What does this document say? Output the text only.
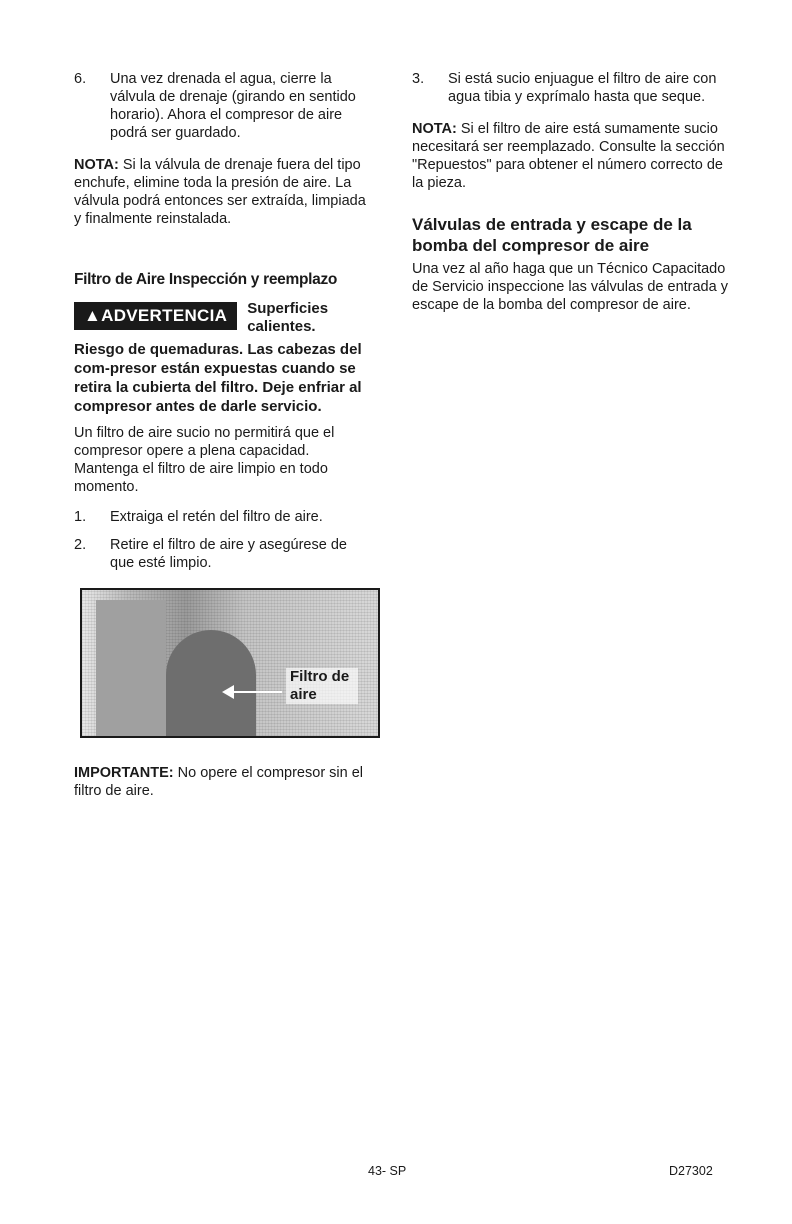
6. Una vez drenada el agua, cierre la válvula de drenaje (girando en sentido horario). Ahora el compresor de aire podrá ser guardado.

NOTA: Si la válvula de drenaje fuera del tipo enchufe, elimine toda la presión de aire. La válvula podrá entonces ser extraída, limpiada y finalmente reinstalada.

Filtro de Aire Inspección y reemplazo
▲ADVERTENCIA	Superficies calientes.
Riesgo de quemaduras. Las cabezas del com-presor están expuestas cuando se retira la cubierta del filtro. Deje enfriar al compresor antes de darle servicio.

Un filtro de aire sucio no permitirá que el compresor opere a plena capacidad. Mantenga el filtro de aire limpio en todo momento.

1. Extraiga el retén del filtro de aire.
2. Retire el filtro de aire y asegúrese de que esté limpio.
Filtro de aire

IMPORTANTE: No opere el compresor sin el filtro de aire.

3. Si está sucio enjuague el filtro de aire con agua tibia y exprímalo hasta que seque.

NOTA: Si el filtro de aire está sumamente sucio necesitará ser reemplazado. Consulte la sección "Repuestos" para obtener el número correcto de la pieza.

Válvulas de entrada y escape de la bomba del compresor de aire

Una vez al año haga que un Técnico Capacitado de Servicio inspeccione las válvulas de entrada y escape de la bomba del compresor de aire.

43- SP	D27302
